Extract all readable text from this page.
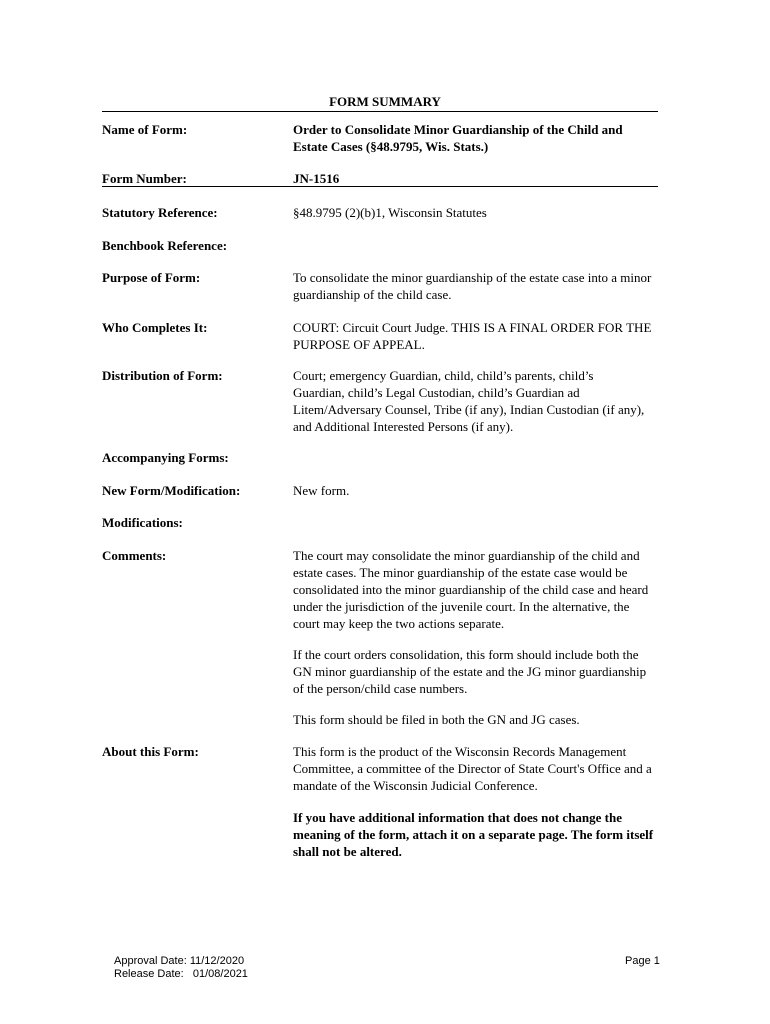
FORM SUMMARY
Name of Form:	Order to Consolidate Minor Guardianship of the Child and Estate Cases (§48.9795, Wis. Stats.)
Form Number:	JN-1516
Statutory Reference:	§48.9795 (2)(b)1, Wisconsin Statutes
Benchbook Reference:
Purpose of Form:	To consolidate the minor guardianship of the estate case into a minor guardianship of the child case.
Who Completes It:	COURT: Circuit Court Judge. THIS IS A FINAL ORDER FOR THE PURPOSE OF APPEAL.
Distribution of Form:	Court; emergency Guardian, child, child’s parents, child’s Guardian, child’s Legal Custodian, child’s Guardian ad Litem/Adversary Counsel, Tribe (if any), Indian Custodian (if any), and Additional Interested Persons (if any).
Accompanying Forms:
New Form/Modification:	New form.
Modifications:
Comments:	The court may consolidate the minor guardianship of the child and estate cases. The minor guardianship of the estate case would be consolidated into the minor guardianship of the child case and heard under the jurisdiction of the juvenile court. In the alternative, the court may keep the two actions separate.
If the court orders consolidation, this form should include both the GN minor guardianship of the estate and the JG minor guardianship of the person/child case numbers.
This form should be filed in both the GN and JG cases.
About this Form:	This form is the product of the Wisconsin Records Management Committee, a committee of the Director of State Court's Office and a mandate of the Wisconsin Judicial Conference.
If you have additional information that does not change the meaning of the form, attach it on a separate page. The form itself shall not be altered.
Approval Date: 11/12/2020
Release Date:   01/08/2021
Page 1
